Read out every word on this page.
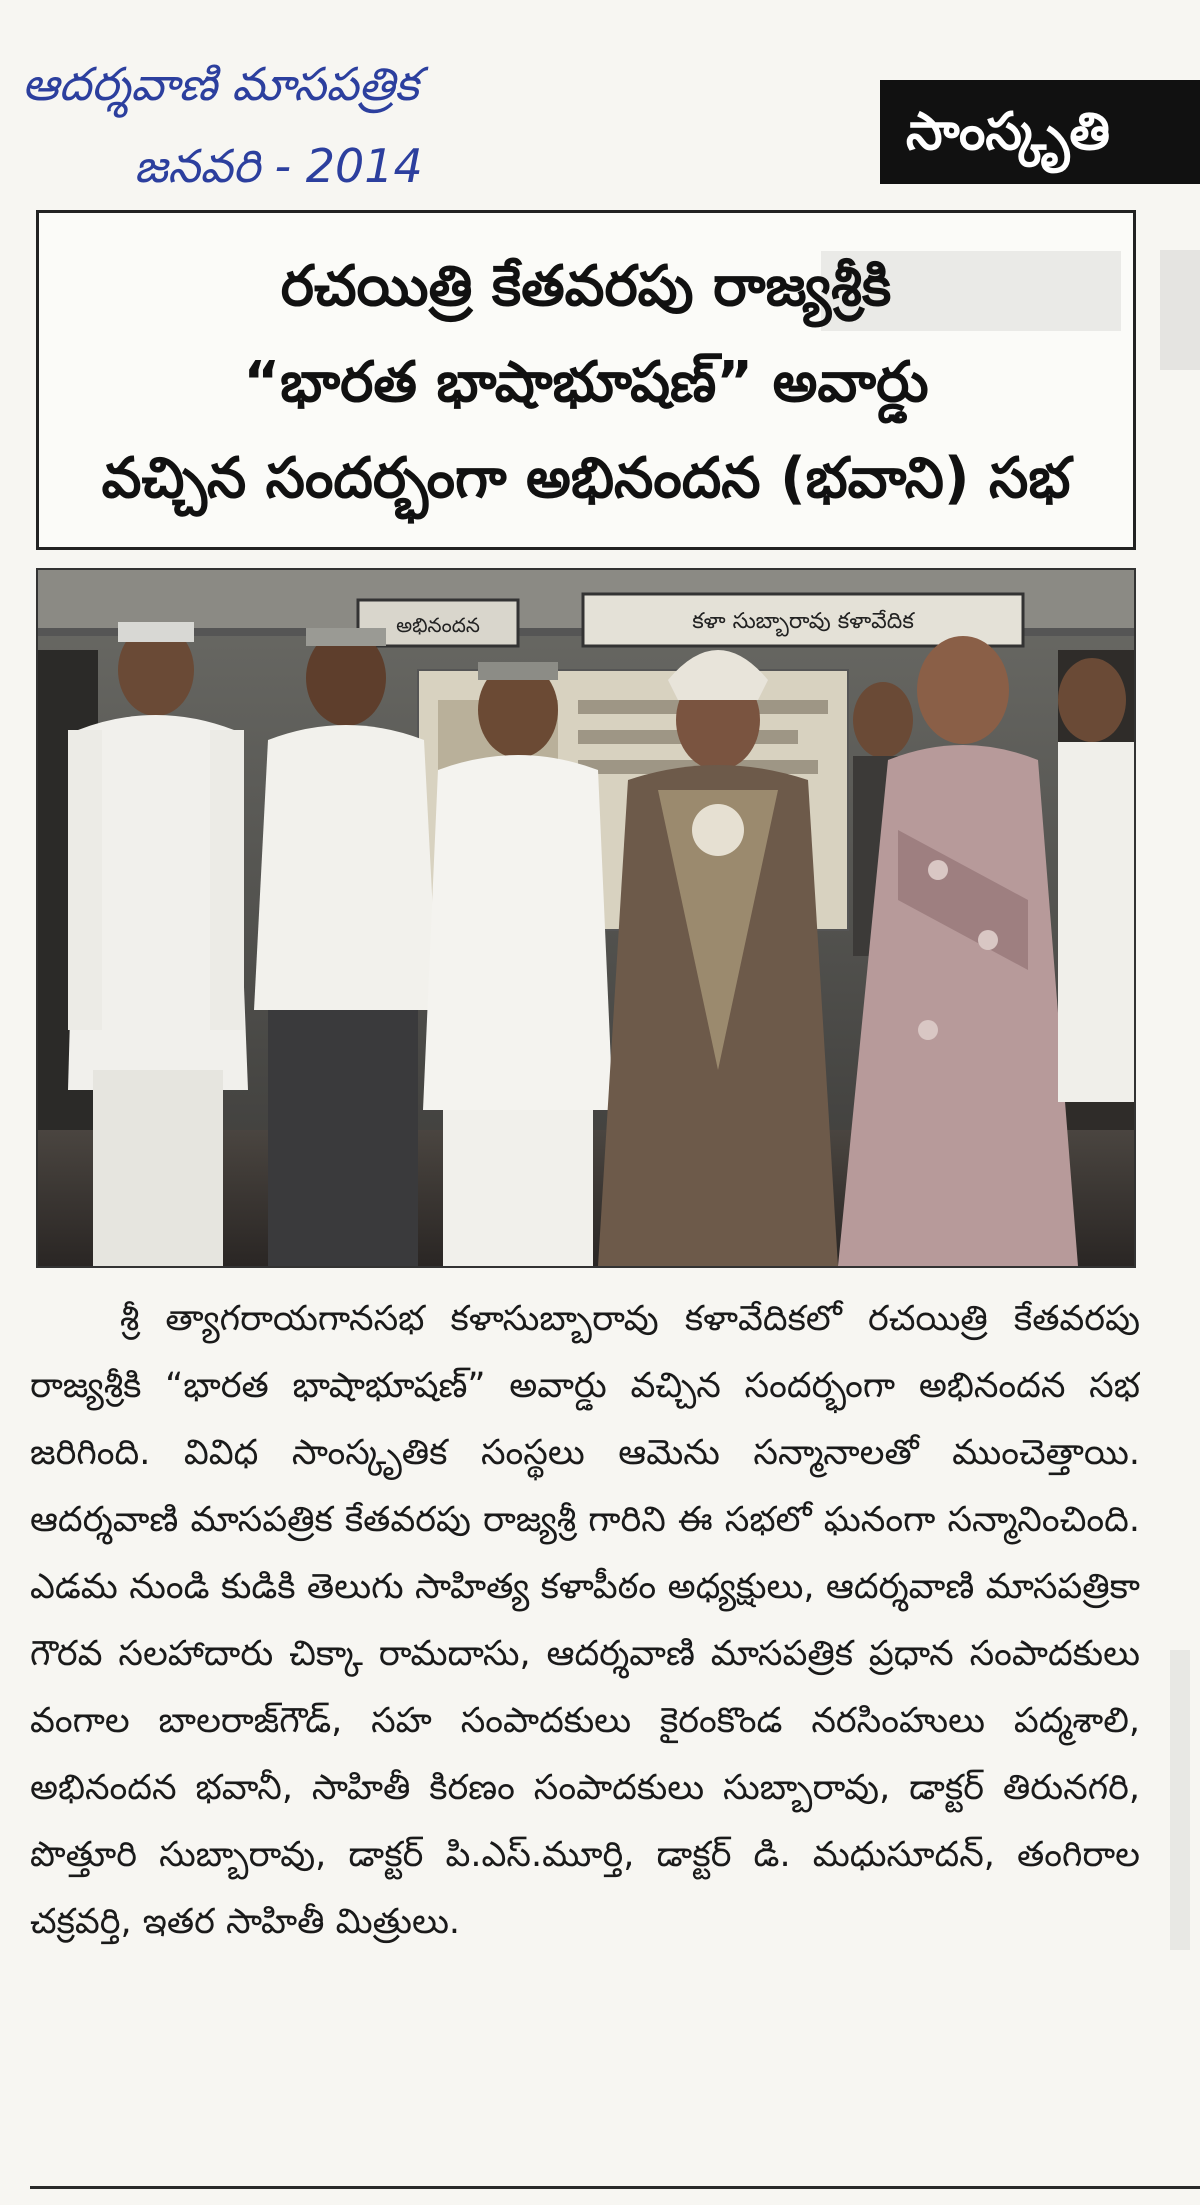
ఆదర్శవాణి మాసపత్రిక
జనవరి - 2014
సాంస్కృతి
రచయిత్రి కేతవరపు రాజ్యశ్రీకి
“భారత భాషాభూషణ్” అవార్డు
వచ్చిన సందర్భంగా అభినందన (భవాని) సభ
అభినందన	కళా సుబ్బారావు కళావేదిక
శ్రీ త్యాగరాయగానసభ కళాసుబ్బారావు కళావేదికలో రచయిత్రి కేతవరపు రాజ్యశ్రీకి “భారత భాషాభూషణ్” అవార్డు వచ్చిన సందర్భంగా అభినందన సభ జరిగింది. వివిధ సాంస్కృతిక సంస్థలు ఆమెను సన్మానాలతో ముంచెత్తాయి. ఆదర్శవాణి మాసపత్రిక కేతవరపు రాజ్యశ్రీ గారిని ఈ సభలో ఘనంగా సన్మానించింది. ఎడమ నుండి కుడికి తెలుగు సాహిత్య కళాపీఠం అధ్యక్షులు, ఆదర్శవాణి మాసపత్రికా గౌరవ సలహాదారు చిక్కా రామదాసు, ఆదర్శవాణి మాసపత్రిక ప్రధాన సంపాదకులు వంగాల బాలరాజ్‌గౌడ్, సహ సంపాదకులు కైరంకొండ నరసింహులు పద్మశాలి, అభినందన భవానీ, సాహితీ కిరణం సంపాదకులు సుబ్బారావు, డాక్టర్ తిరునగరి, పొత్తూరి సుబ్బారావు, డాక్టర్ పి.ఎస్.మూర్తి, డాక్టర్ డి. మధుసూదన్, తంగిరాల చక్రవర్తి, ఇతర సాహితీ మిత్రులు.
